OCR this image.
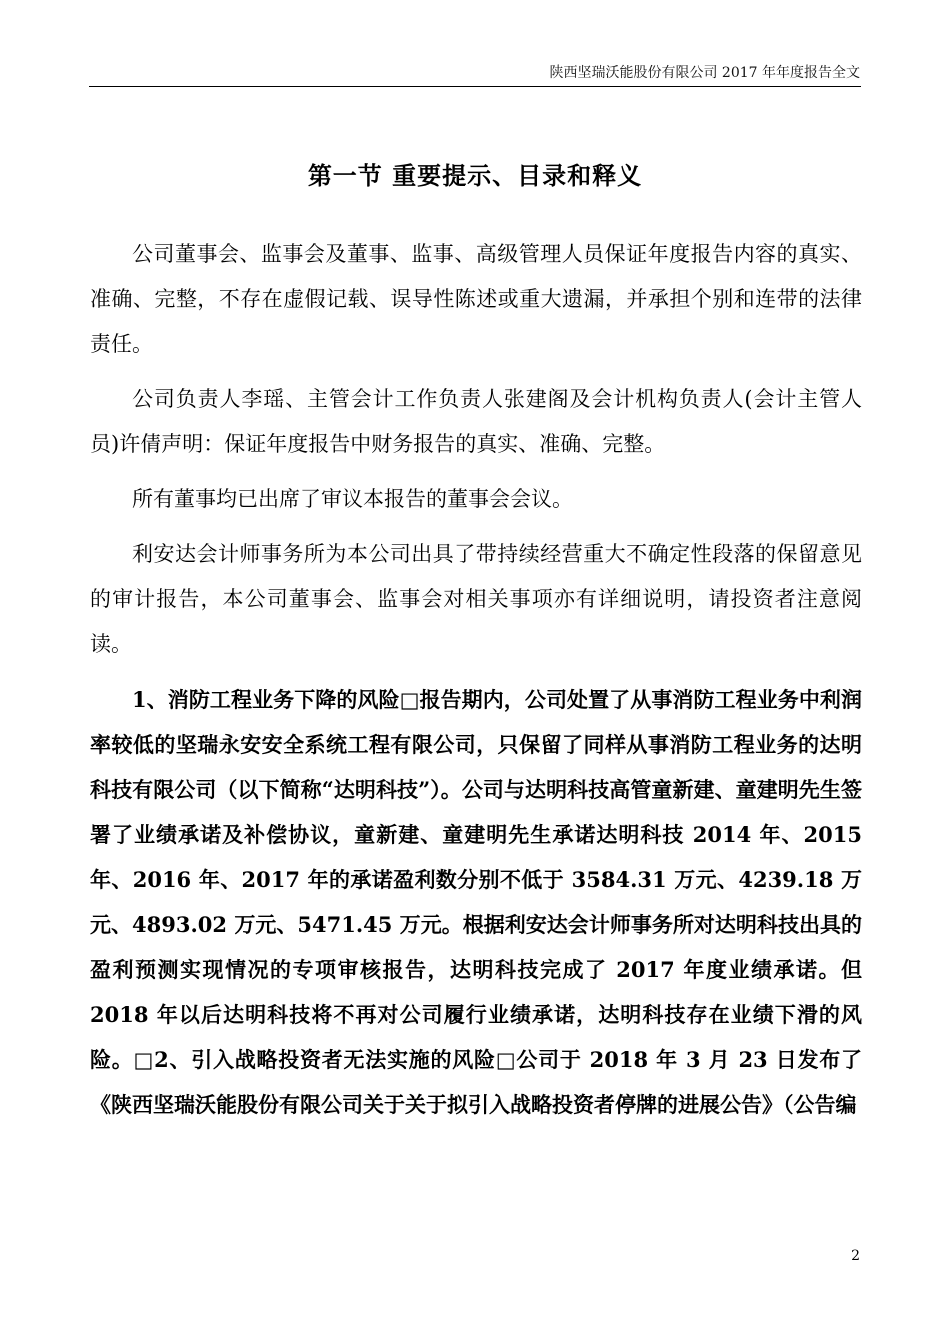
陕西坚瑞沃能股份有限公司 2017 年年度报告全文
第一节 重要提示、目录和释义

公司董事会、监事会及董事、监事、高级管理人员保证年度报告内容的真实、准确、完整，不存在虚假记载、误导性陈述或重大遗漏，并承担个别和连带的法律责任。

公司负责人李瑶、主管会计工作负责人张建阁及会计机构负责人(会计主管人员)许倩声明：保证年度报告中财务报告的真实、准确、完整。

所有董事均已出席了审议本报告的董事会会议。

利安达会计师事务所为本公司出具了带持续经营重大不确定性段落的保留意见的审计报告，本公司董事会、监事会对相关事项亦有详细说明，请投资者注意阅读。

1、消防工程业务下降的风险□报告期内，公司处置了从事消防工程业务中利润率较低的坚瑞永安安全系统工程有限公司，只保留了同样从事消防工程业务的达明科技有限公司（以下简称“达明科技”）。公司与达明科技高管童新建、童建明先生签署了业绩承诺及补偿协议，童新建、童建明先生承诺达明科技 2014 年、2015 年、2016 年、2017 年的承诺盈利数分别不低于 3584.31 万元、4239.18 万元、4893.02 万元、5471.45 万元。根据利安达会计师事务所对达明科技出具的盈利预测实现情况的专项审核报告，达明科技完成了 2017 年度业绩承诺。但 2018 年以后达明科技将不再对公司履行业绩承诺，达明科技存在业绩下滑的风险。□2、引入战略投资者无法实施的风险□公司于 2018 年 3 月 23 日发布了《陕西坚瑞沃能股份有限公司关于关于拟引入战略投资者停牌的进展公告》（公告编

2
